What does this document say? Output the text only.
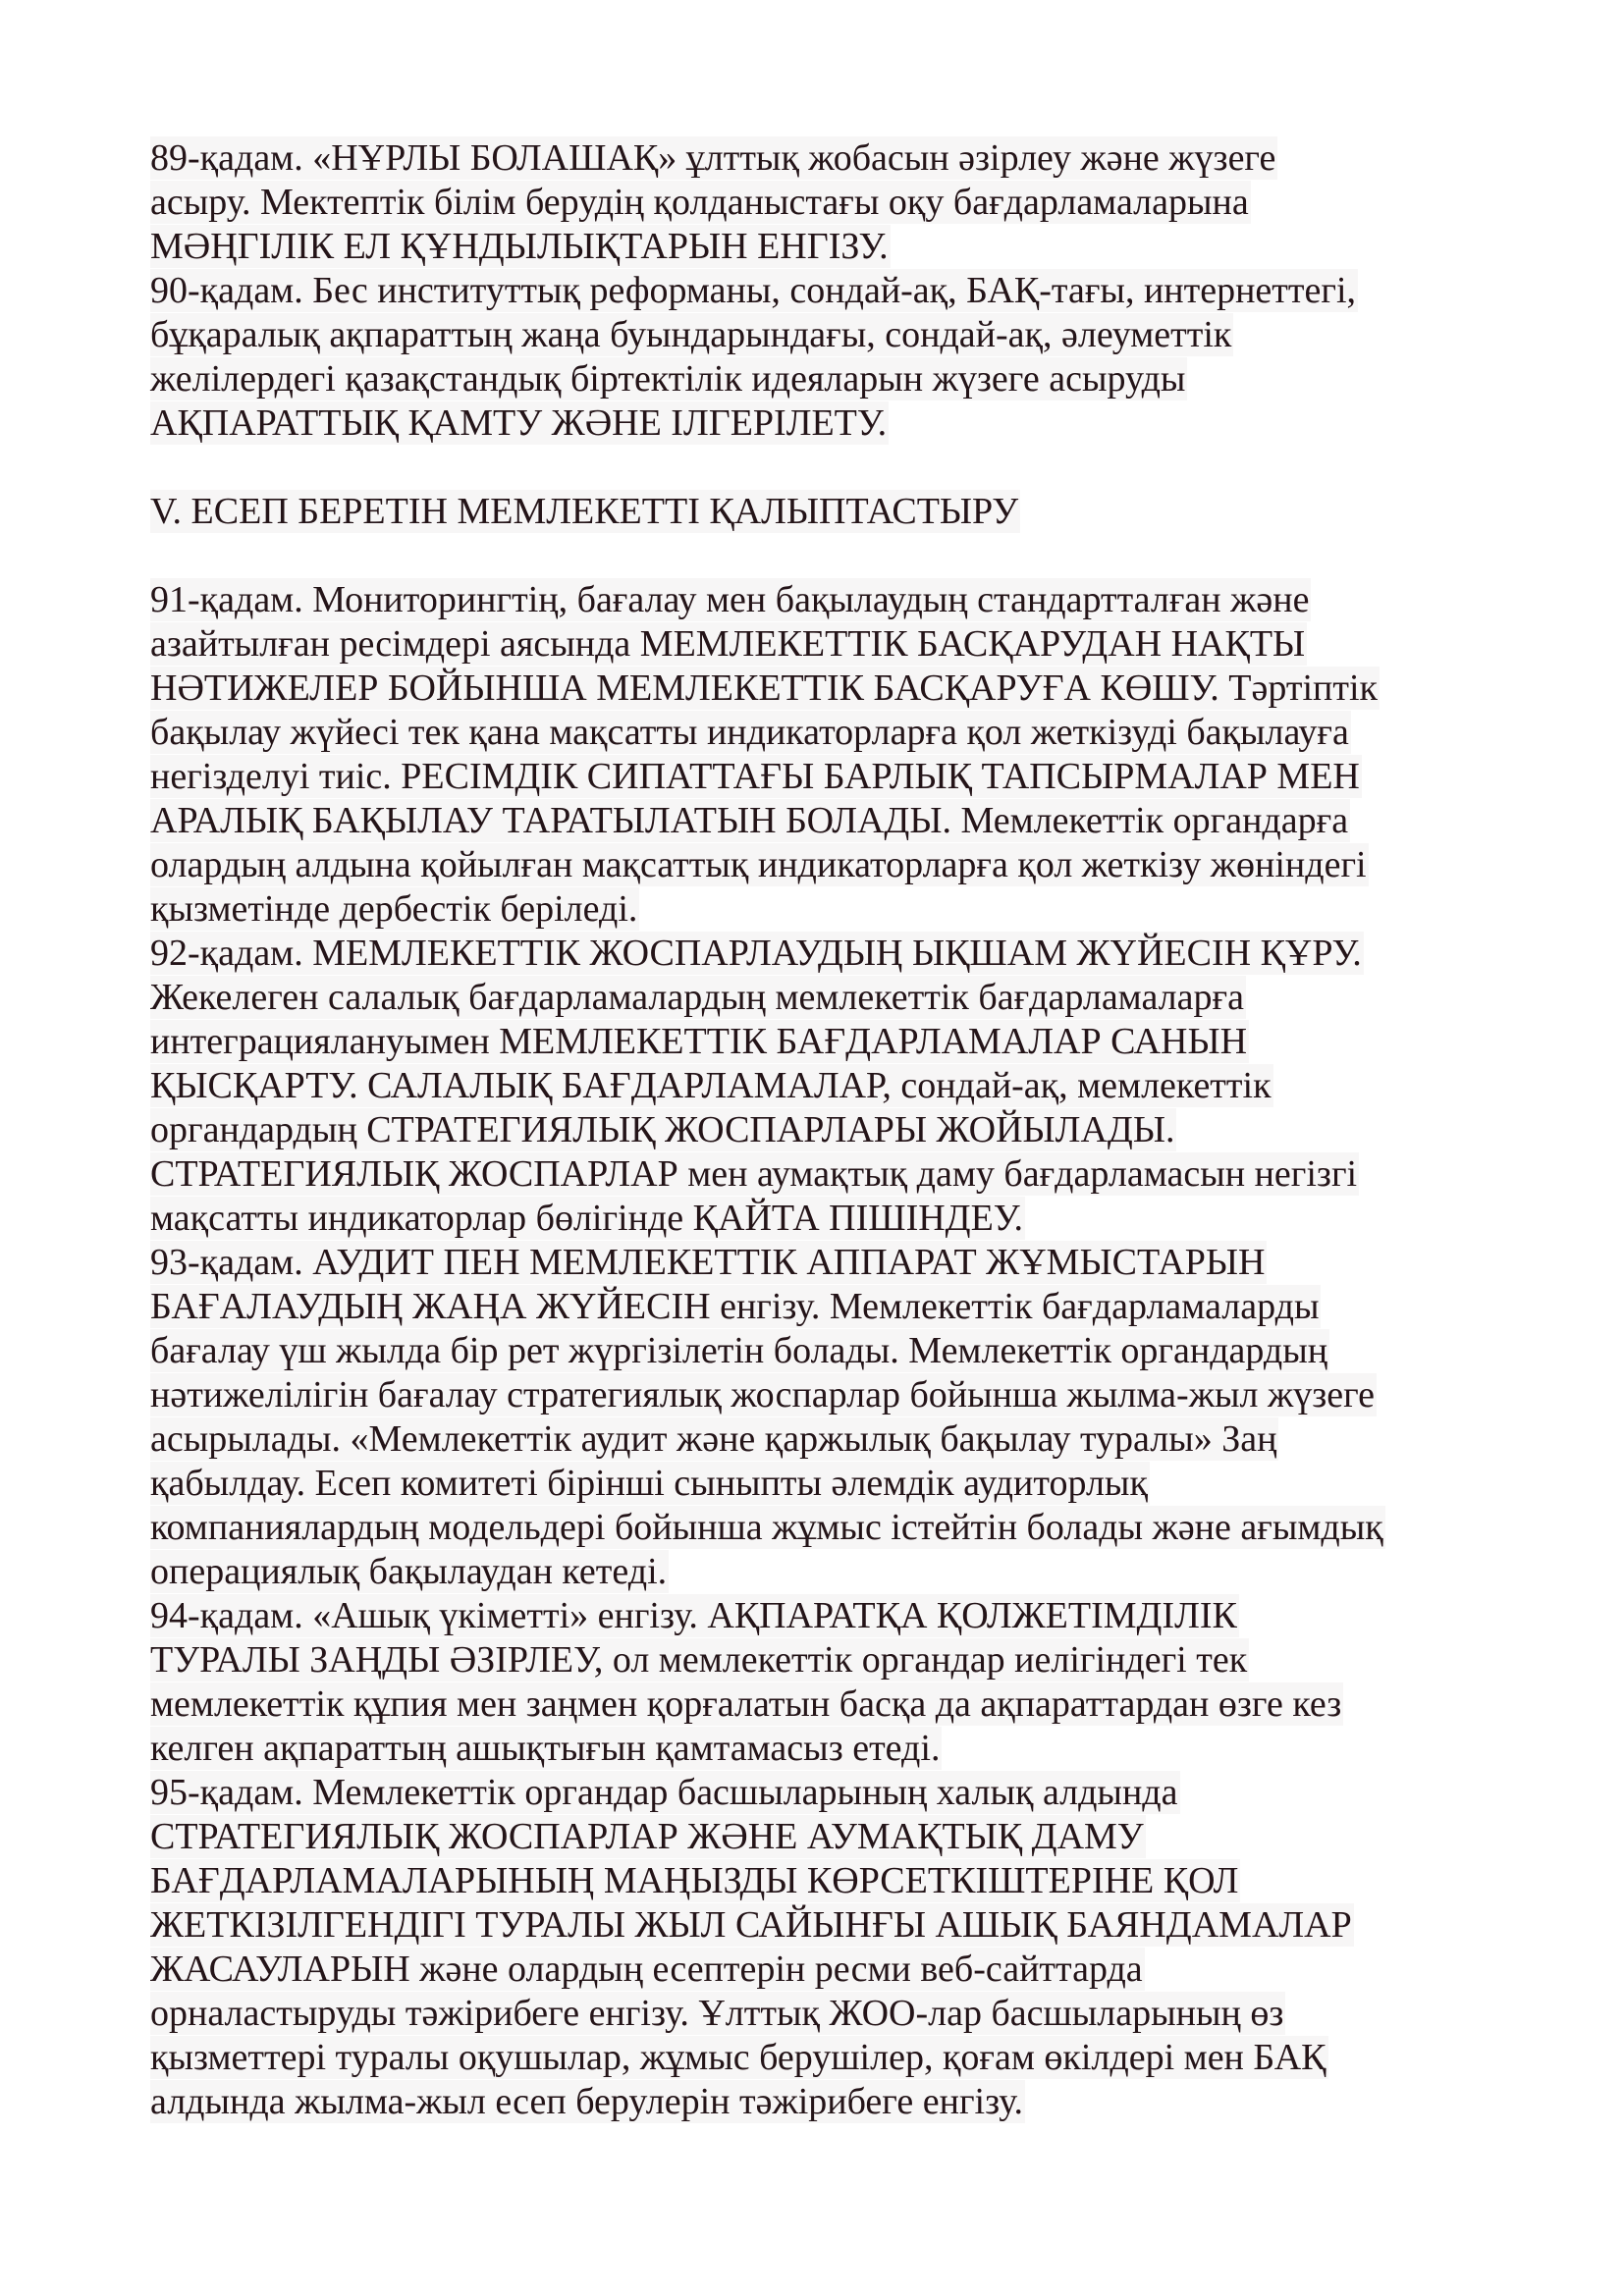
89-қадам. «НҰРЛЫ БОЛАШАҚ» ұлттық жобасын әзірлеу және жүзеге
асыру. Мектептік білім берудің қолданыстағы оқу бағдарламаларына
МӘҢГІЛІК ЕЛ ҚҰНДЫЛЫҚТАРЫН ЕНГІЗУ.
90-қадам. Бес институттық реформаны, сондай-ақ, БАҚ-тағы, интернеттегі,
бұқаралық ақпараттың жаңа буындарындағы, сондай-ақ, әлеуметтік
желілердегі қазақстандық біртектілік идеяларын жүзеге асыруды
АҚПАРАТТЫҚ ҚАМТУ ЖӘНЕ ІЛГЕРІЛЕТУ.
V. ЕСЕП БЕРЕТІН МЕМЛЕКЕТТІ ҚАЛЫПТАСТЫРУ
91-қадам. Мониторингтің, бағалау мен бақылаудың стандартталған және
азайтылған ресімдері аясында МЕМЛЕКЕТТІК БАСҚАРУДАН НАҚТЫ
НӘТИЖЕЛЕР БОЙЫНША МЕМЛЕКЕТТІК БАСҚАРУҒА КӨШУ. Тәртіптік
бақылау жүйесі тек қана мақсатты индикаторларға қол жеткізуді бақылауға
негізделуі тиіс. РЕСІМДІК СИПАТТАҒЫ БАРЛЫҚ ТАПСЫРМАЛАР МЕН
АРАЛЫҚ БАҚЫЛАУ ТАРАТЫЛАТЫН БОЛАДЫ. Мемлекеттік органдарға
олардың алдына қойылған мақсаттық индикаторларға қол жеткізу жөніндегі
қызметінде дербестік беріледі.
92-қадам. МЕМЛЕКЕТТІК ЖОСПАРЛАУДЫҢ ЫҚШАМ ЖҮЙЕСІН ҚҰРУ.
Жекелеген салалық бағдарламалардың мемлекеттік бағдарламаларға
интеграциялануымен МЕМЛЕКЕТТІК БАҒДАРЛАМАЛАР САНЫН
ҚЫСҚАРТУ. САЛАЛЫҚ БАҒДАРЛАМАЛАР, сондай-ақ, мемлекеттік
органдардың СТРАТЕГИЯЛЫҚ ЖОСПАРЛАРЫ ЖОЙЫЛАДЫ.
СТРАТЕГИЯЛЫҚ ЖОСПАРЛАР мен аумақтық даму бағдарламасын негізгі
мақсатты индикаторлар бөлігінде ҚАЙТА ПІШІНДЕУ.
93-қадам. АУДИТ ПЕН МЕМЛЕКЕТТІК АППАРАТ ЖҰМЫСТАРЫН
БАҒАЛАУДЫҢ ЖАҢА ЖҮЙЕСІН енгізу. Мемлекеттік бағдарламаларды
бағалау үш жылда бір рет жүргізілетін болады. Мемлекеттік органдардың
нәтижелілігін бағалау стратегиялық жоспарлар бойынша жылма-жыл жүзеге
асырылады. «Мемлекеттік аудит және қаржылық бақылау туралы» Заң
қабылдау. Есеп комитеті бірінші сыныпты әлемдік аудиторлық
компаниялардың модельдері бойынша жұмыс істейтін болады және ағымдық
операциялық бақылаудан кетеді.
94-қадам. «Ашық үкіметті» енгізу. АҚПАРАТҚА ҚОЛЖЕТІМДІЛІК
ТУРАЛЫ ЗАҢДЫ ӘЗІРЛЕУ, ол мемлекеттік органдар иелігіндегі тек
мемлекеттік құпия мен заңмен қорғалатын басқа да ақпараттардан өзге кез
келген ақпараттың ашықтығын қамтамасыз етеді.
95-қадам. Мемлекеттік органдар басшыларының халық алдында
СТРАТЕГИЯЛЫҚ ЖОСПАРЛАР ЖӘНЕ АУМАҚТЫҚ ДАМУ
БАҒДАРЛАМАЛАРЫНЫҢ МАҢЫЗДЫ КӨРСЕТКІШТЕРІНЕ ҚОЛ
ЖЕТКІЗІЛГЕНДІГІ ТУРАЛЫ ЖЫЛ САЙЫНҒЫ АШЫҚ БАЯНДАМАЛАР
ЖАСАУЛАРЫН және олардың есептерін ресми веб-сайттарда
орналастыруды тәжірибеге енгізу. Ұлттық ЖОО-лар басшыларының өз
қызметтері туралы оқушылар, жұмыс берушілер, қоғам өкілдері мен БАҚ
алдында жылма-жыл есеп берулерін тәжірибеге енгізу.
